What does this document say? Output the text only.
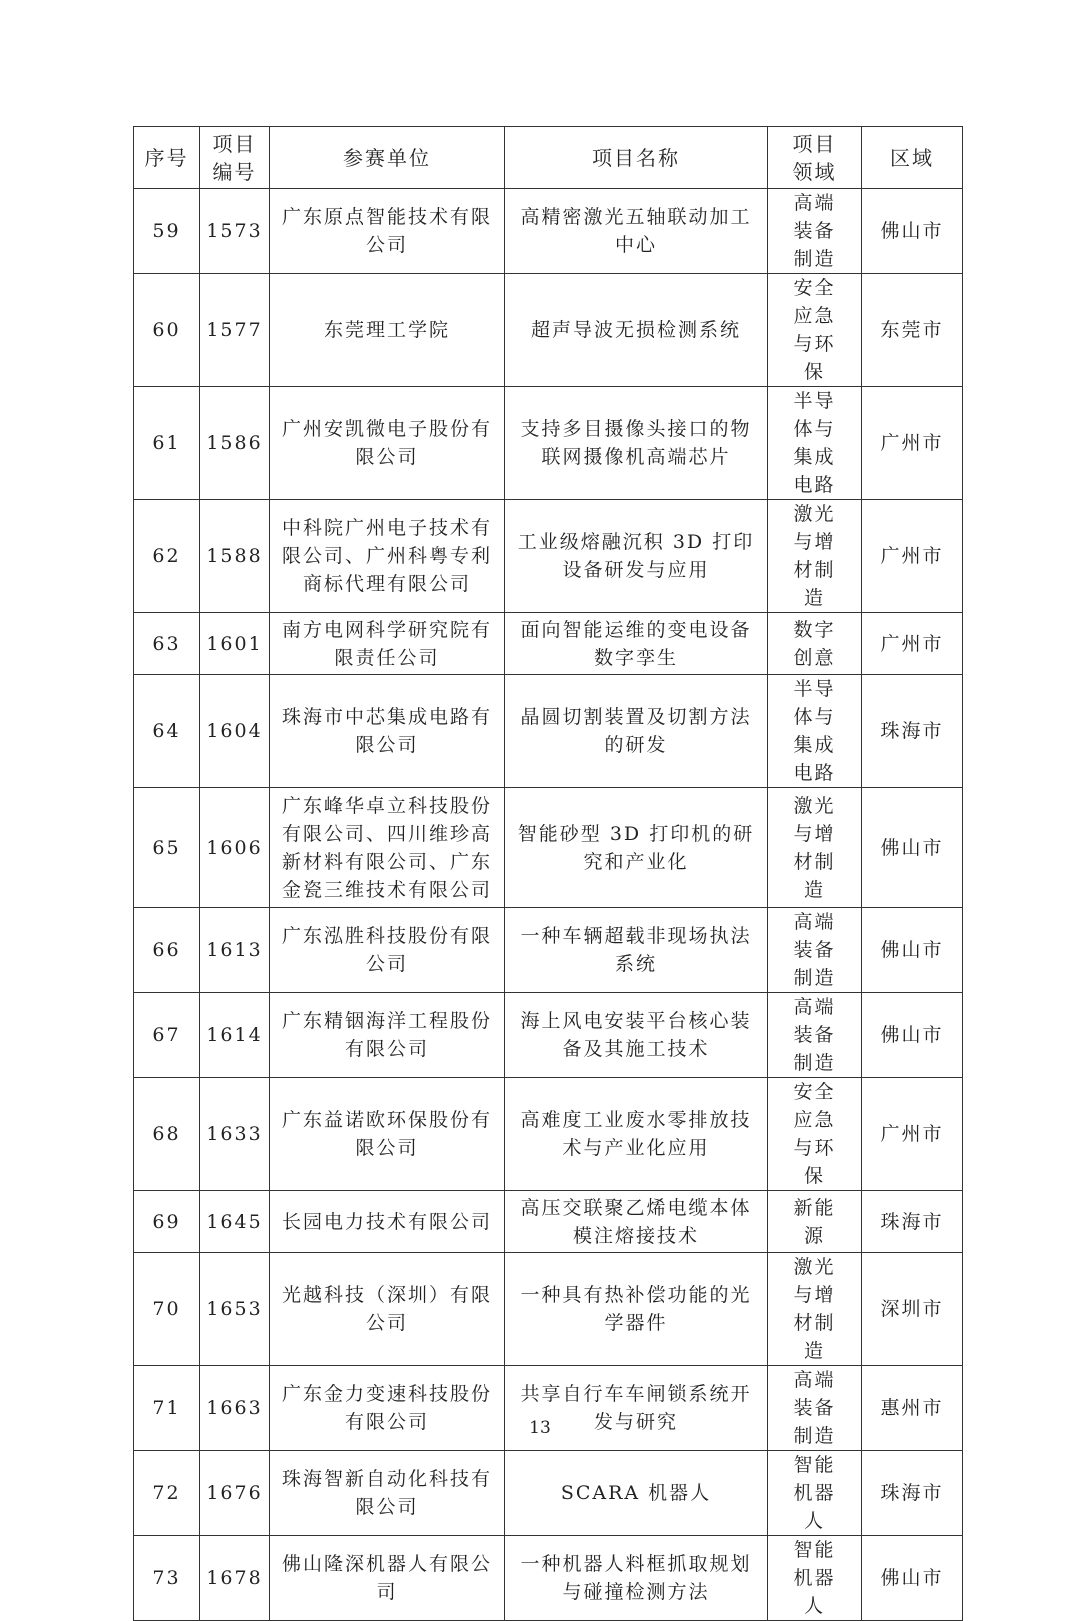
序号	项目编号	参赛单位	项目名称	项目领域	区域
59	1573	广东原点智能技术有限公司	高精密激光五轴联动加工中心	高端装备制造	佛山市
60	1577	东莞理工学院	超声导波无损检测系统	安全应急与环保	东莞市
61	1586	广州安凯微电子股份有限公司	支持多目摄像头接口的物联网摄像机高端芯片	半导体与集成电路	广州市
62	1588	中科院广州电子技术有限公司、广州科粤专利商标代理有限公司	工业级熔融沉积 3D 打印设备研发与应用	激光与增材制造	广州市
63	1601	南方电网科学研究院有限责任公司	面向智能运维的变电设备数字孪生	数字创意	广州市
64	1604	珠海市中芯集成电路有限公司	晶圆切割装置及切割方法的研发	半导体与集成电路	珠海市
65	1606	广东峰华卓立科技股份有限公司、四川维珍高新材料有限公司、广东金瓷三维技术有限公司	智能砂型 3D 打印机的研究和产业化	激光与增材制造	佛山市
66	1613	广东泓胜科技股份有限公司	一种车辆超载非现场执法系统	高端装备制造	佛山市
67	1614	广东精铟海洋工程股份有限公司	海上风电安装平台核心装备及其施工技术	高端装备制造	佛山市
68	1633	广东益诺欧环保股份有限公司	高难度工业废水零排放技术与产业化应用	安全应急与环保	广州市
69	1645	长园电力技术有限公司	高压交联聚乙烯电缆本体模注熔接技术	新能源	珠海市
70	1653	光越科技（深圳）有限公司	一种具有热补偿功能的光学器件	激光与增材制造	深圳市
71	1663	广东金力变速科技股份有限公司	共享自行车车闸锁系统开发与研究	高端装备制造	惠州市
72	1676	珠海智新自动化科技有限公司	SCARA 机器人	智能机器人	珠海市
73	1678	佛山隆深机器人有限公司	一种机器人料框抓取规划与碰撞检测方法	智能机器人	佛山市
13
